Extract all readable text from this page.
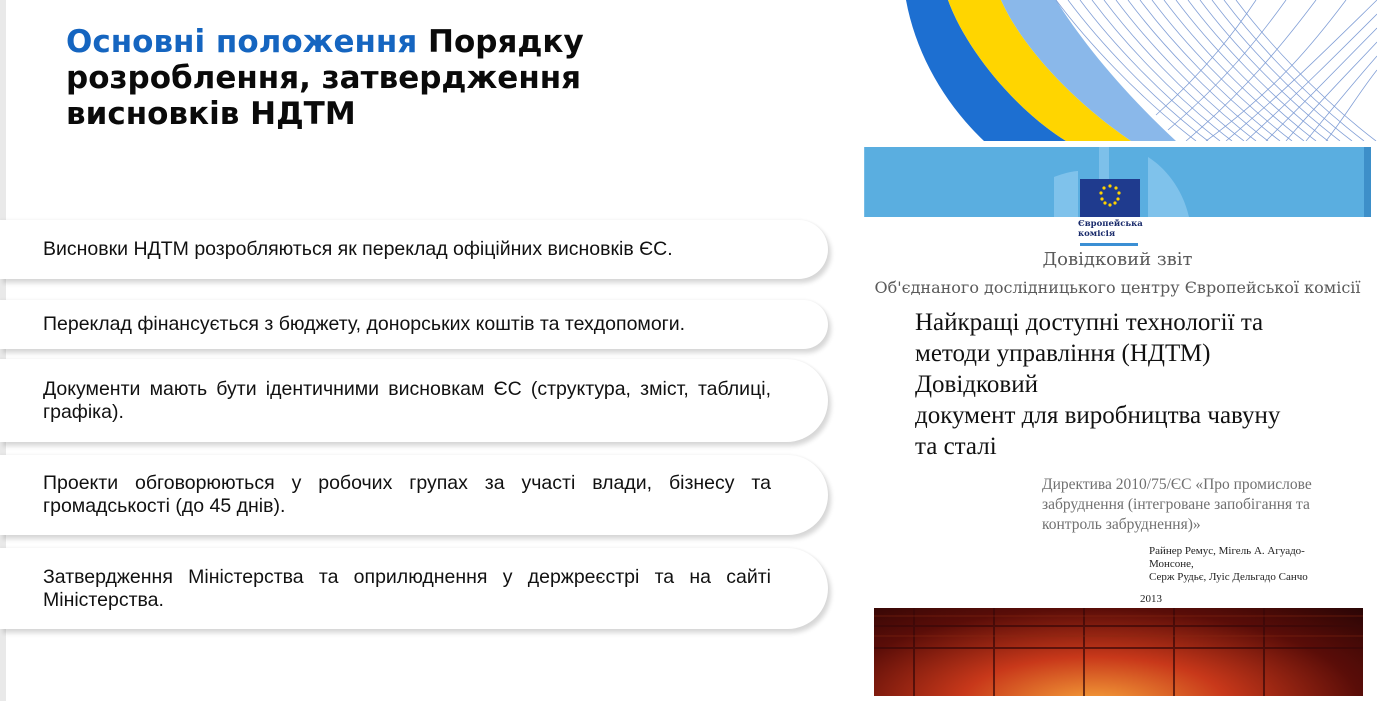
Основні положення Порядку розроблення, затвердження висновків НДТМ
Висновки НДТМ розробляються як переклад офіційних висновків ЄС.
Переклад фінансується з бюджету, донорських коштів та техдопомоги.
Документи мають бути ідентичними висновкам ЄС (структура, зміст, таблиці, графіка).
Проекти обговорюються у робочих групах за участі влади, бізнесу та громадськості (до 45 днів).
Затвердження Міністерства та оприлюднення у держреєстрі та на сайті Міністерства.
Європейська комісія
Довідковий звіт
Об'єднаного дослідницького центру Європейської комісії
Найкращі доступні технології та
методи управління (НДТМ)
Довідковий
документ для виробництва чавуну
та сталі
Директива 2010/75/ЄС «Про промислове забруднення (інтегроване запобігання та контроль забруднення)»
Райнер Ремус, Мігель А. Агуадо-
Монсоне,
Серж Рудьє, Луіс Дельгадо Санчо
2013
